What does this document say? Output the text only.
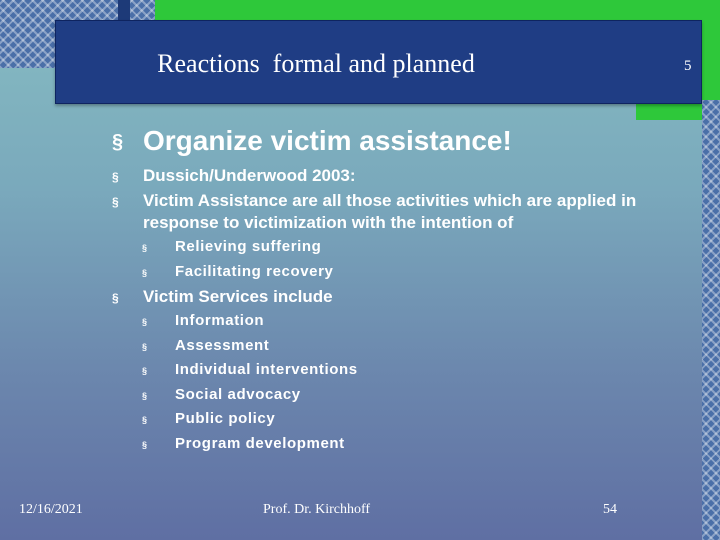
Reactions  formal and planned	5
§ Organize victim assistance!
§ Dussich/Underwood 2003:
§ Victim Assistance are all those activities which are applied in response to victimization with the intention of
§ Relieving suffering
§ Facilitating recovery
§ Victim Services include
§ Information
§ Assessment
§ Individual interventions
§ Social advocacy
§ Public policy
§ Program development
12/16/2021	Prof. Dr. Kirchhoff	54
